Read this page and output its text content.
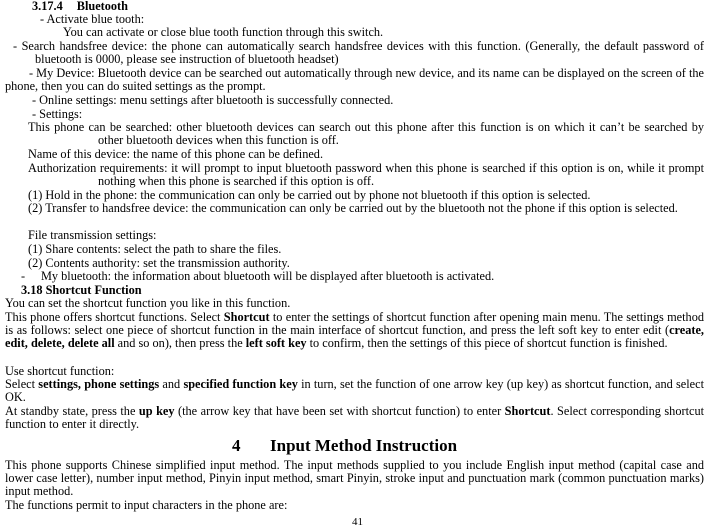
3.17.4 Bluetooth
- Activate blue tooth:
You can activate or close blue tooth function through this switch.
- Search handsfree device: the phone can automatically search handsfree devices with this function. (Generally, the default password of bluetooth is 0000, please see instruction of bluetooth headset)
- My Device: Bluetooth device can be searched out automatically through new device, and its name can be displayed on the screen of the phone, then you can do suited settings as the prompt.
- Online settings: menu settings after bluetooth is successfully connected.
- Settings:
This phone can be searched: other bluetooth devices can search out this phone after this function is on which it can’t be searched by other bluetooth devices when this function is off.
Name of this device: the name of this phone can be defined.
Authorization requirements: it will prompt to input bluetooth password when this phone is searched if this option is on, while it prompt nothing when this phone is searched if this option is off.
(1) Hold in the phone: the communication can only be carried out by phone not bluetooth if this option is selected.
(2) Transfer to handsfree device: the communication can only be carried out by the bluetooth not the phone if this option is selected.
File transmission settings:
(1) Share contents: select the path to share the files.
(2) Contents authority: set the transmission authority.
- My bluetooth: the information about bluetooth will be displayed after bluetooth is activated.
3.18 Shortcut Function
You can set the shortcut function you like in this function.
This phone offers shortcut functions. Select Shortcut to enter the settings of shortcut function after opening main menu. The settings method is as follows: select one piece of shortcut function in the main interface of shortcut function, and press the left soft key to enter edit (create, edit, delete, delete all and so on), then press the left soft key to confirm, then the settings of this piece of shortcut function is finished.
Use shortcut function:
Select settings, phone settings and specified function key in turn, set the function of one arrow key (up key) as shortcut function, and select OK.
At standby state, press the up key (the arrow key that have been set with shortcut function) to enter Shortcut. Select corresponding shortcut function to enter it directly.
4 Input Method Instruction
This phone supports Chinese simplified input method. The input methods supplied to you include English input method (capital case and lower case letter), number input method, Pinyin input method, smart Pinyin, stroke input and punctuation mark (common punctuation marks) input method.
The functions permit to input characters in the phone are:
41
